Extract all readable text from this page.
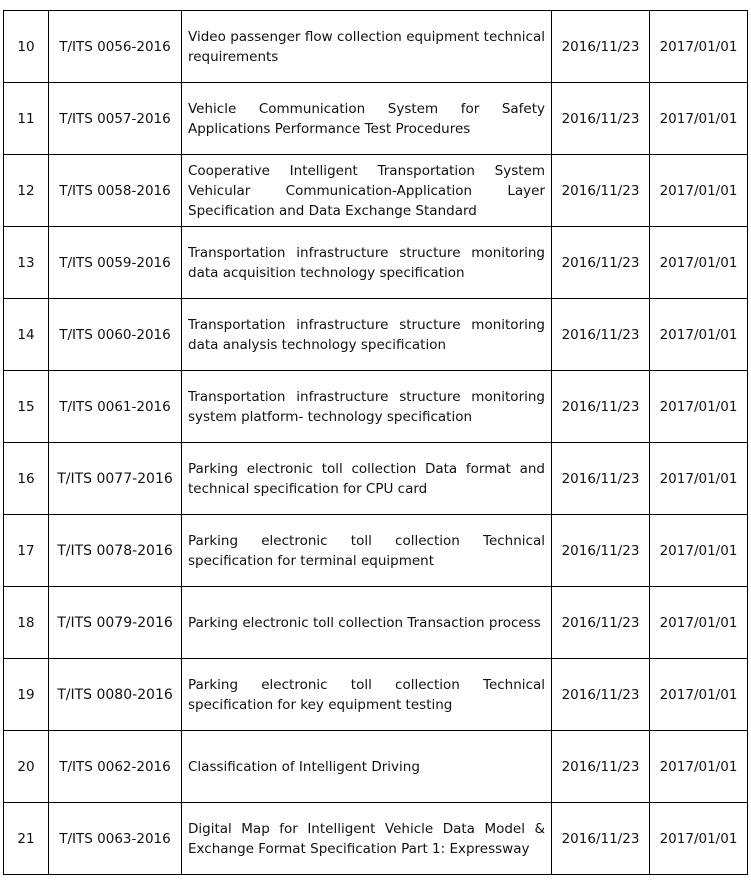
10	T/ITS 0056-2016	Video passenger flow collection equipment technical requirements	2016/11/23	2017/01/01
11	T/ITS 0057-2016	Vehicle Communication System for Safety Applications Performance Test Procedures	2016/11/23	2017/01/01
12	T/ITS 0058-2016	Cooperative Intelligent Transportation System Vehicular Communication-Application Layer Specification and Data Exchange Standard	2016/11/23	2017/01/01
13	T/ITS 0059-2016	Transportation infrastructure structure monitoring data acquisition technology specification	2016/11/23	2017/01/01
14	T/ITS 0060-2016	Transportation infrastructure structure monitoring data analysis technology specification	2016/11/23	2017/01/01
15	T/ITS 0061-2016	Transportation infrastructure structure monitoring system platform- technology specification	2016/11/23	2017/01/01
16	T/ITS 0077-2016	Parking electronic toll collection Data format and technical specification for CPU card	2016/11/23	2017/01/01
17	T/ITS 0078-2016	Parking electronic toll collection Technical specification for terminal equipment	2016/11/23	2017/01/01
18	T/ITS 0079-2016	Parking electronic toll collection Transaction process	2016/11/23	2017/01/01
19	T/ITS 0080-2016	Parking electronic toll collection Technical specification for key equipment testing	2016/11/23	2017/01/01
20	T/ITS 0062-2016	Classification of Intelligent Driving	2016/11/23	2017/01/01
21	T/ITS 0063-2016	Digital Map for Intelligent Vehicle Data Model & Exchange Format Specification Part 1: Expressway	2016/11/23	2017/01/01
